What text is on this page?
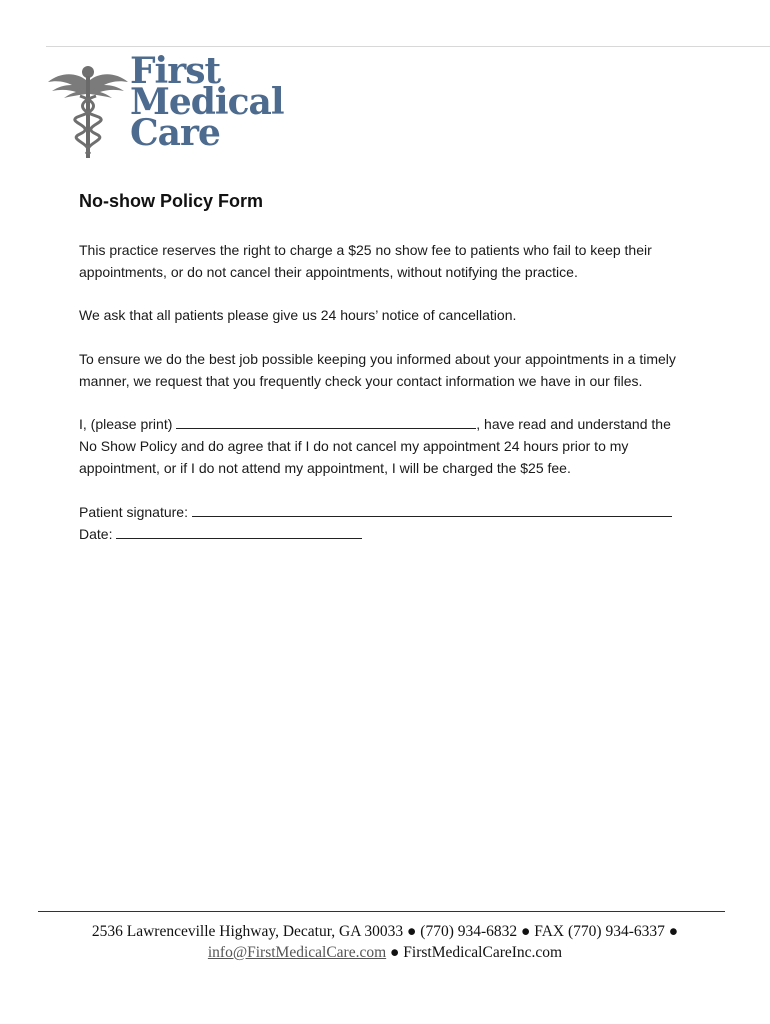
First
Medical
Care
No-show Policy Form
This practice reserves the right to charge a $25 no show fee to patients who fail to keep their
appointments, or do not cancel their appointments, without notifying the practice.
We ask that all patients please give us 24 hours’ notice of cancellation.
To ensure we do the best job possible keeping you informed about your appointments in a timely
manner, we request that you frequently check your contact information we have in our files.
I, (please print)	, have read and understand the
No Show Policy and do agree that if I do not cancel my appointment 24 hours prior to my
appointment, or if I do not attend my appointment, I will be charged the $25 fee.
Patient signature:
Date:
2536 Lawrenceville Highway, Decatur, GA 30033 ● (770) 934-6832 ● FAX (770) 934-6337 ●
info@FirstMedicalCare.com ● FirstMedicalCareInc.com
